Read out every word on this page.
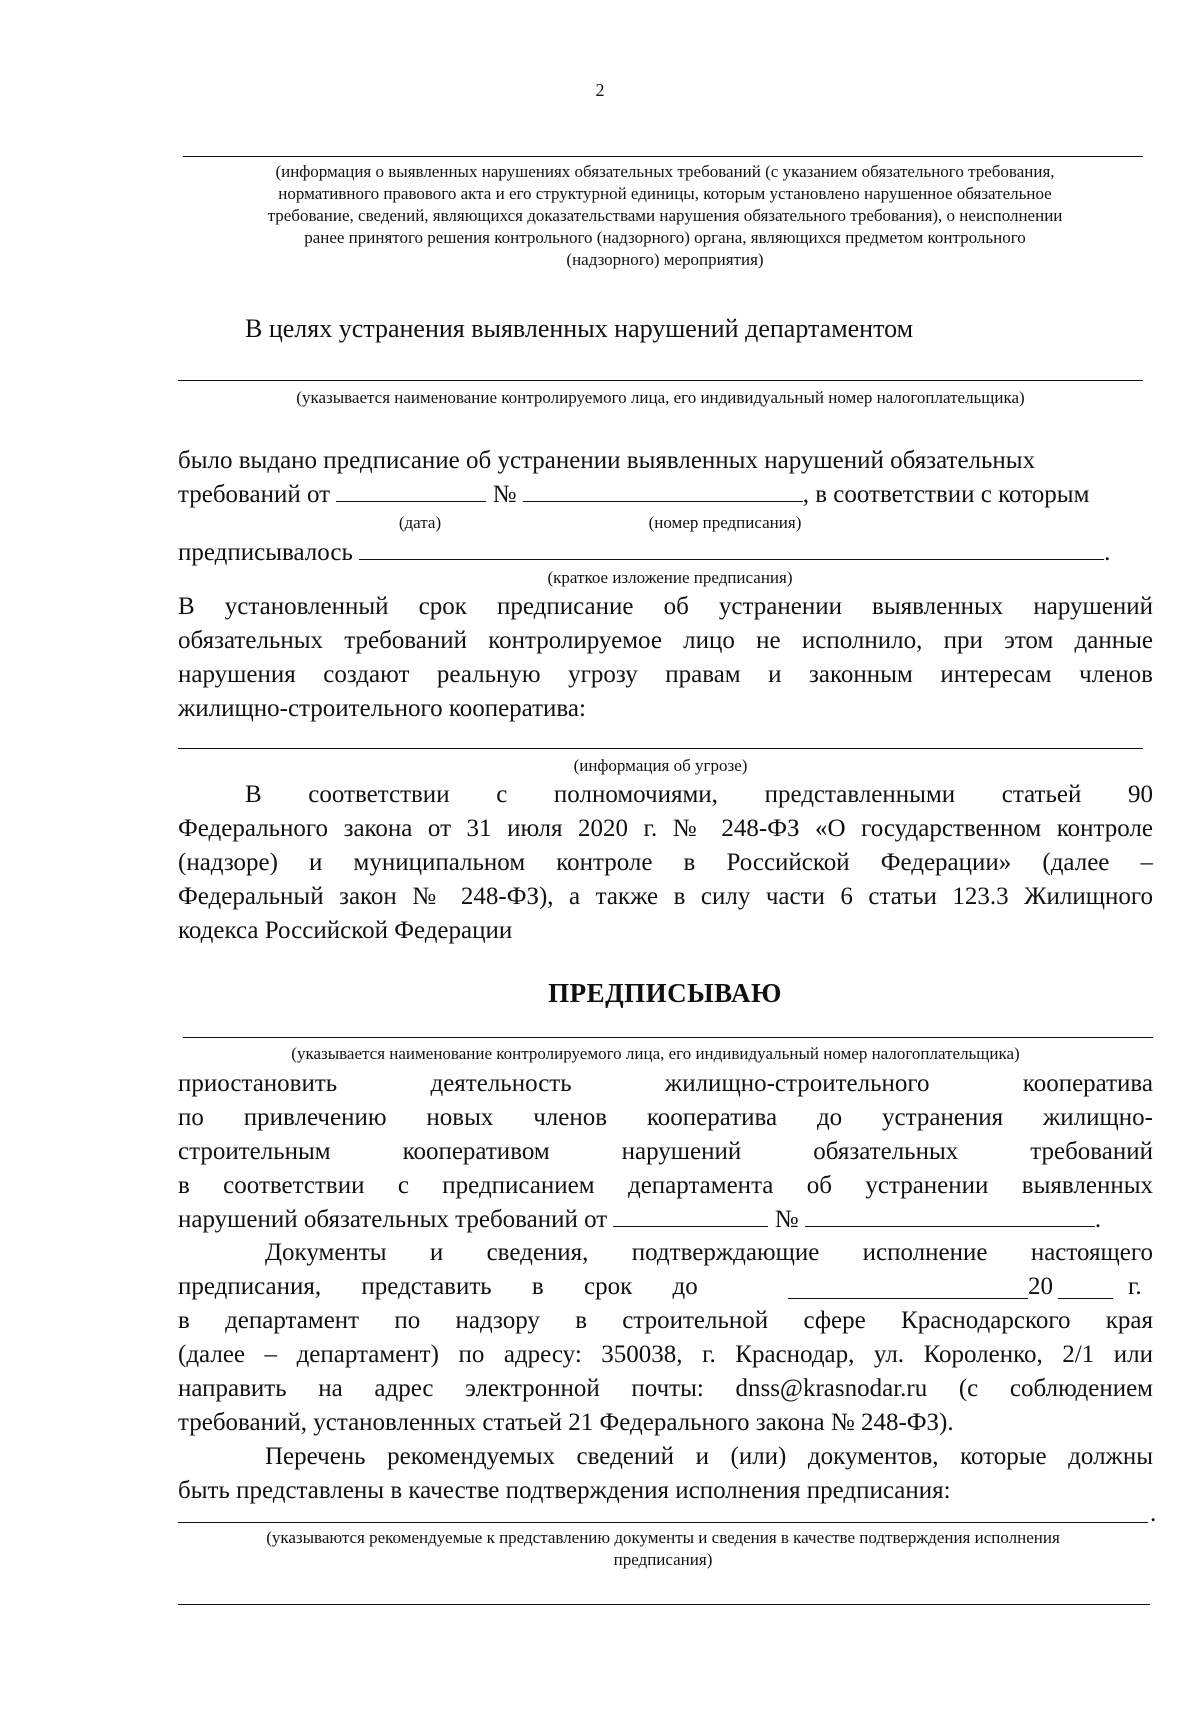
2
(информация о выявленных нарушениях обязательных требований (с указанием обязательного требования,
нормативного правового акта и его структурной единицы, которым установлено нарушенное обязательное
требование, сведений, являющихся доказательствами нарушения обязательного требования), о неисполнении
ранее принятого решения контрольного (надзорного) органа, являющихся предметом контрольного
(надзорного) мероприятия)
В целях устранения выявленных нарушений департаментом
(указывается наименование контролируемого лица, его индивидуальный номер налогоплательщика)
было выдано предписание об устранении выявленных нарушений обязательных
требований от	№	, в соответствии с которым
(дата)	(номер предписания)
предписывалось	.
(краткое изложение предписания)
В установленный срок предписание об устранении выявленных нарушений
обязательных требований контролируемое лицо не исполнило, при этом данные
нарушения создают реальную угрозу правам и законным интересам членов
жилищно-строительного кооператива:
(информация об угрозе)
В соответствии с полномочиями, представленными статьей 90
Федерального закона от 31 июля 2020 г. № 248-ФЗ «О государственном контроле
(надзоре) и муниципальном контроле в Российской Федерации» (далее –
Федеральный закон № 248-ФЗ), а также в силу части 6 статьи 123.3 Жилищного
кодекса Российской Федерации
ПРЕДПИСЫВАЮ
(указывается наименование контролируемого лица, его индивидуальный номер налогоплательщика)
приостановить деятельность жилищно-строительного кооператива
по привлечению новых членов кооператива до устранения жилищно-
строительным кооперативом нарушений обязательных требований
в соответствии с предписанием департамента об устранении выявленных
нарушений обязательных требований от	№	.
Документы и сведения, подтверждающие исполнение настоящего
предписания, представить в срок до	20	г.
в департамент по надзору в строительной сфере Краснодарского края
(далее – департамент) по адресу: 350038, г. Краснодар, ул. Короленко, 2/1 или
направить на адрес электронной почты: dnss@krasnodar.ru (с соблюдением
требований, установленных статьей 21 Федерального закона № 248-ФЗ).
Перечень рекомендуемых сведений и (или) документов, которые должны
быть представлены в качестве подтверждения исполнения предписания:
.
(указываются рекомендуемые к представлению документы и сведения в качестве подтверждения исполнения
предписания)
